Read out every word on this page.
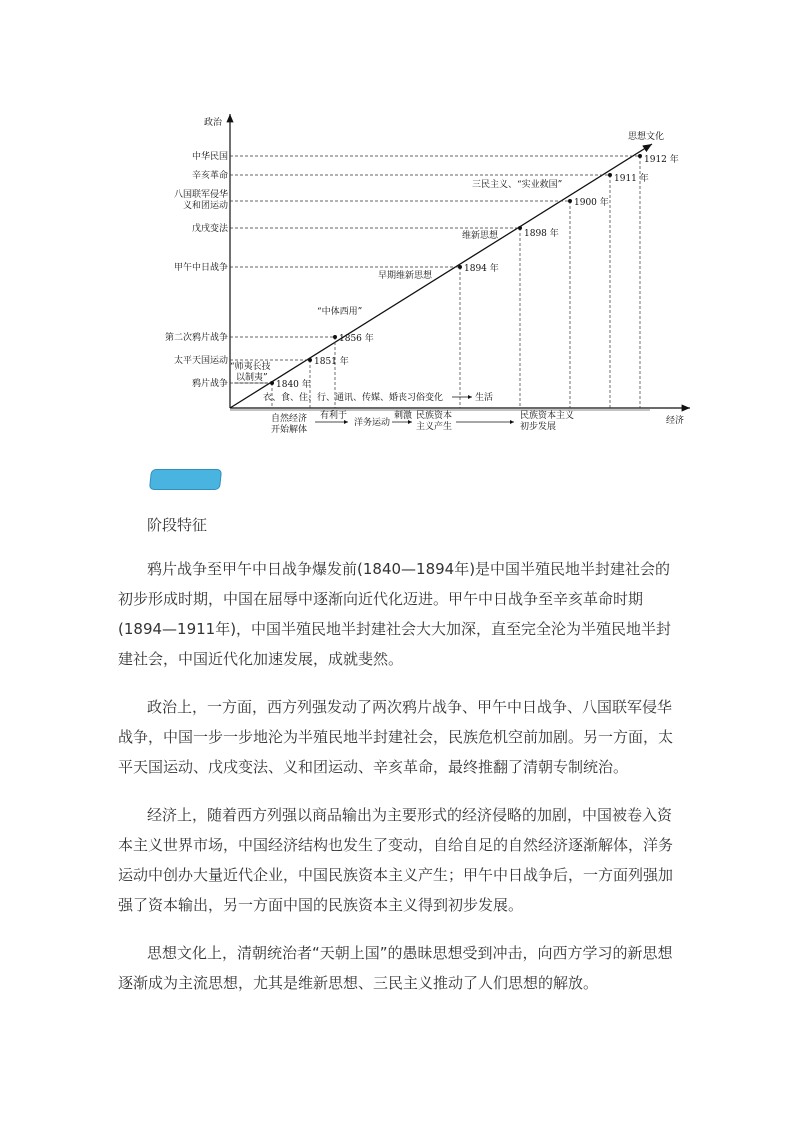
政治
经济
思想文化
中华民国
辛亥革命
八国联军侵华
义和团运动
戊戌变法
甲午中日战争
第二次鸦片战争
太平天国运动
鸦片战争	1840 年
1851 年
1856 年
1894 年
1898 年
1900 年
1911 年
1912 年
“师夷长技
以制夷”
“中体西用”
早期维新思想
维新思想
三民主义、“实业救国”
衣、食、住、行、通讯、传媒、婚丧习俗变化	生活
自然经济
开始解体
有利于
洋务运动
刺激 民族资本
主义产生
民族资本主义
初步发展
阶段特征

鸦片战争至甲午中日战争爆发前(1840—1894年)是中国半殖民地半封建社会的初步形成时期，中国在屈辱中逐渐向近代化迈进。甲午中日战争至辛亥革命时期(1894—1911年)，中国半殖民地半封建社会大大加深，直至完全沦为半殖民地半封建社会，中国近代化加速发展，成就斐然。

政治上，一方面，西方列强发动了两次鸦片战争、甲午中日战争、八国联军侵华战争，中国一步一步地沦为半殖民地半封建社会，民族危机空前加剧。另一方面，太平天国运动、戊戌变法、义和团运动、辛亥革命，最终推翻了清朝专制统治。

经济上，随着西方列强以商品输出为主要形式的经济侵略的加剧，中国被卷入资本主义世界市场，中国经济结构也发生了变动，自给自足的自然经济逐渐解体，洋务运动中创办大量近代企业，中国民族资本主义产生；甲午中日战争后，一方面列强加强了资本输出，另一方面中国的民族资本主义得到初步发展。

思想文化上，清朝统治者“天朝上国”的愚昧思想受到冲击，向西方学习的新思想逐渐成为主流思想，尤其是维新思想、三民主义推动了人们思想的解放。
